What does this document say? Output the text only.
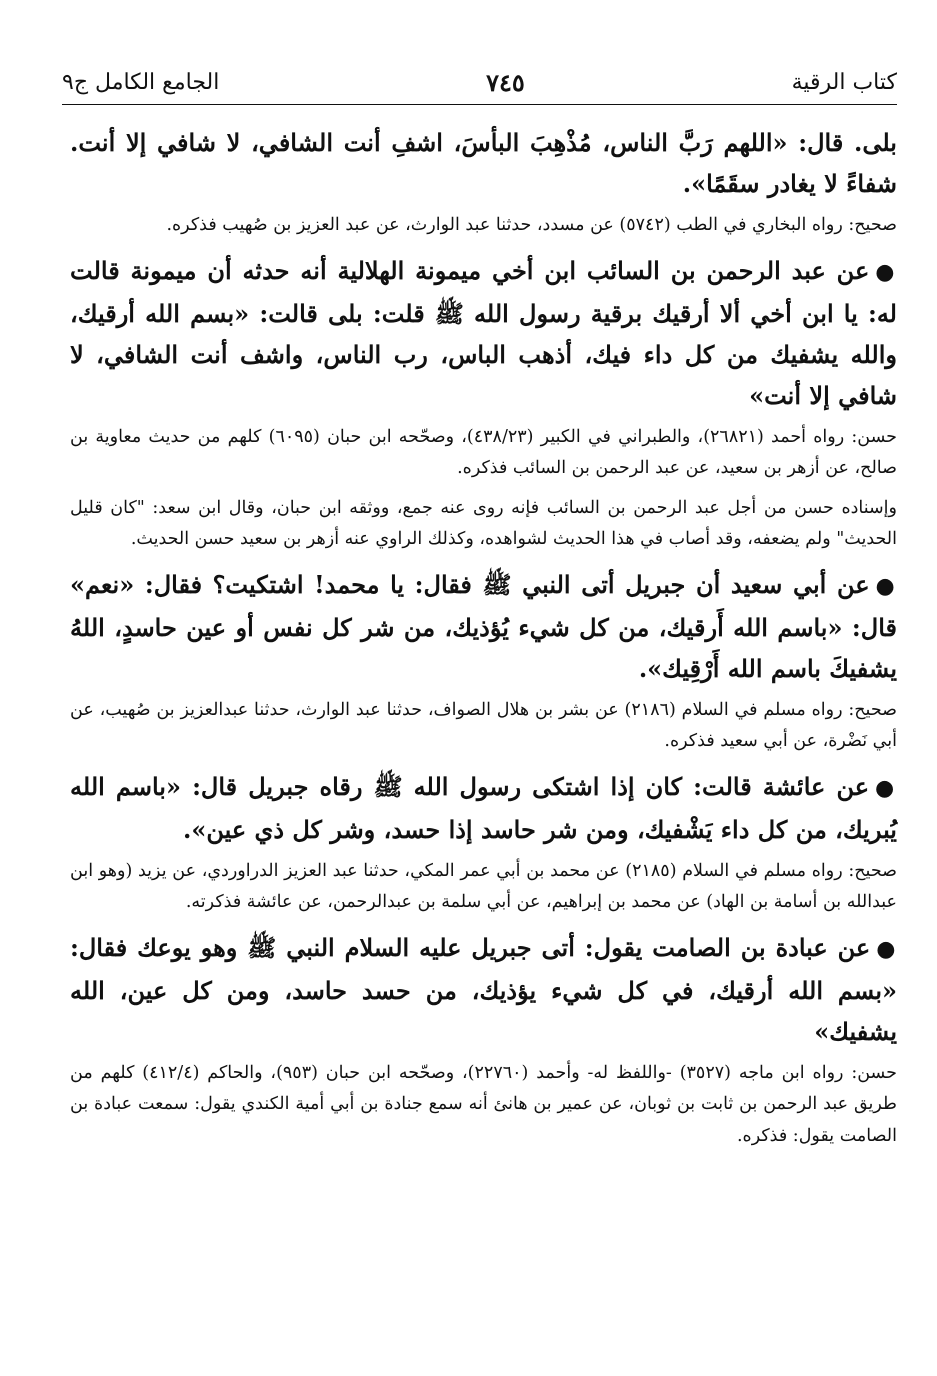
كتاب الرقية
٧٤٥
الجامع الكامل ج٩

بلى. قال: «اللهم رَبَّ الناس، مُذْهِبَ البأسَ، اشفِ أنت الشافي، لا شافي إلا أنت. شفاءً لا يغادر سقَمًا».

صحيح: رواه البخاري في الطب (٥٧٤٢) عن مسدد، حدثنا عبد الوارث، عن عبد العزيز بن صُهيب فذكره.

●عن عبد الرحمن بن السائب ابن أخي ميمونة الهلالية أنه حدثه أن ميمونة قالت له: يا ابن أخي ألا أرقيك برقية رسول الله ﷺ قلت: بلى قالت: «بسم الله أرقيك، والله يشفيك من كل داء فيك، أذهب الباس، رب الناس، واشف أنت الشافي، لا شافي إلا أنت»

حسن: رواه أحمد (٢٦٨٢١)، والطبراني في الكبير (٤٣٨/٢٣)، وصحّحه ابن حبان (٦٠٩٥) كلهم من حديث معاوية بن صالح، عن أزهر بن سعيد، عن عبد الرحمن بن السائب فذكره.

وإسناده حسن من أجل عبد الرحمن بن السائب فإنه روى عنه جمع، ووثقه ابن حبان، وقال ابن سعد: "كان قليل الحديث" ولم يضعفه، وقد أصاب في هذا الحديث لشواهده، وكذلك الراوي عنه أزهر بن سعيد حسن الحديث.

●عن أبي سعيد أن جبريل أتى النبي ﷺ فقال: يا محمد! اشتكيت؟ فقال: «نعم» قال: «باسم الله أَرقيك، من كل شيء يُؤذيك، من شر كل نفس أو عين حاسدٍ، اللهُ يشفيكَ باسم الله أَرْقِيك».

صحيح: رواه مسلم في السلام (٢١٨٦) عن بشر بن هلال الصواف، حدثنا عبد الوارث، حدثنا عبدالعزيز بن صُهيب، عن أبي نَضْرة، عن أبي سعيد فذكره.

●عن عائشة قالت: كان إذا اشتكى رسول الله ﷺ رقاه جبريل قال: «باسم الله يُبريك، من كل داء يَشْفيك، ومن شر حاسد إذا حسد، وشر كل ذي عين».

صحيح: رواه مسلم في السلام (٢١٨٥) عن محمد بن أبي عمر المكي، حدثنا عبد العزيز الدراوردي، عن يزيد (وهو ابن عبدالله بن أسامة بن الهاد) عن محمد بن إبراهيم، عن أبي سلمة بن عبدالرحمن، عن عائشة فذكرته.

●عن عبادة بن الصامت يقول: أتى جبريل عليه السلام النبي ﷺ وهو يوعك فقال: «بسم الله أرقيك، في كل شيء يؤذيك، من حسد حاسد، ومن كل عين، الله يشفيك»

حسن: رواه ابن ماجه (٣٥٢٧) -واللفظ له- وأحمد (٢٢٧٦٠)، وصحّحه ابن حبان (٩٥٣)، والحاكم (٤١٢/٤) كلهم من طريق عبد الرحمن بن ثابت بن ثوبان، عن عمير بن هانئ أنه سمع جنادة بن أبي أمية الكندي يقول: سمعت عبادة بن الصامت يقول: فذكره.
